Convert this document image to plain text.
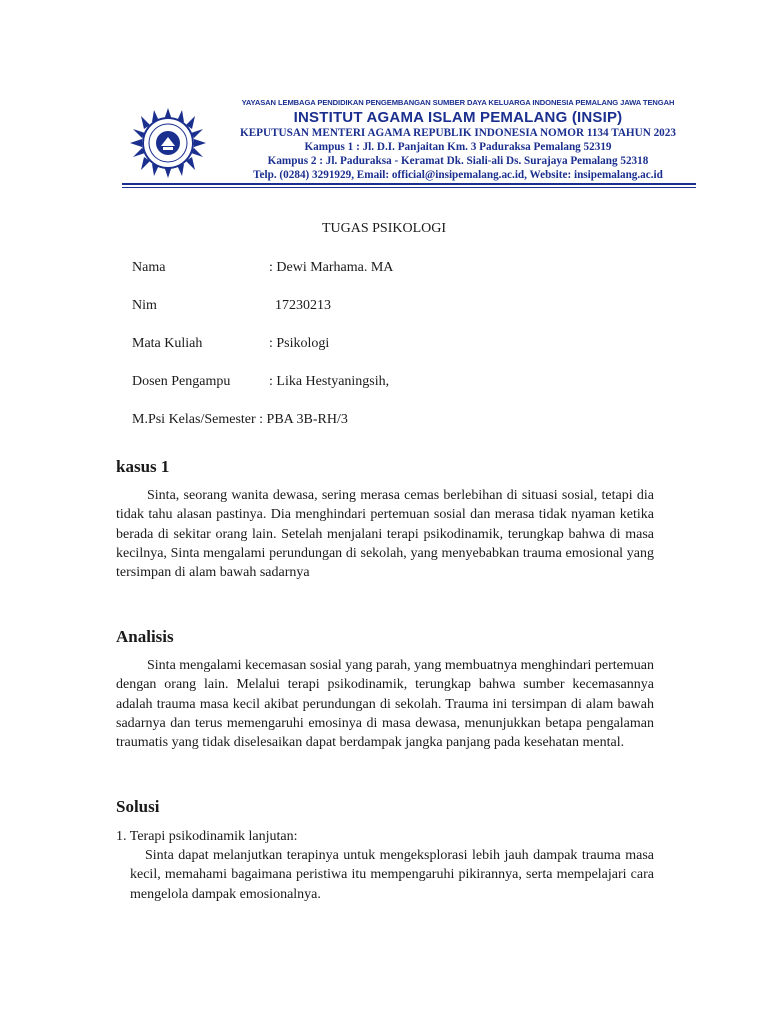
YAYASAN LEMBAGA PENDIDIKAN PENGEMBANGAN SUMBER DAYA KELUARGA INDONESIA PEMALANG JAWA TENGAH
INSTITUT AGAMA ISLAM PEMALANG (INSIP)
KEPUTUSAN MENTERI AGAMA REPUBLIK INDONESIA NOMOR 1134 TAHUN 2023
Kampus 1 : Jl. D.I. Panjaitan Km. 3 Paduraksa Pemalang 52319
Kampus 2 : Jl. Paduraksa - Keramat Dk. Siali-ali Ds. Surajaya Pemalang 52318
Telp. (0284) 3291929, Email: official@insipemalang.ac.id, Website: insipemalang.ac.id
TUGAS PSIKOLOGI
Nama	: Dewi Marhama. MA
Nim	17230213
Mata Kuliah	: Psikologi
Dosen Pengampu	: Lika Hestyaningsih,
M.Psi Kelas/Semester : PBA 3B-RH/3
kasus 1
Sinta, seorang wanita dewasa, sering merasa cemas berlebihan di situasi sosial, tetapi dia tidak tahu alasan pastinya. Dia menghindari pertemuan sosial dan merasa tidak nyaman ketika berada di sekitar orang lain. Setelah menjalani terapi psikodinamik, terungkap bahwa di masa kecilnya, Sinta mengalami perundungan di sekolah, yang menyebabkan trauma emosional yang tersimpan di alam bawah sadarnya
Analisis
Sinta mengalami kecemasan sosial yang parah, yang membuatnya menghindari pertemuan dengan orang lain. Melalui terapi psikodinamik, terungkap bahwa sumber kecemasannya adalah trauma masa kecil akibat perundungan di sekolah. Trauma ini tersimpan di alam bawah sadarnya dan terus memengaruhi emosinya di masa dewasa, menunjukkan betapa pengalaman traumatis yang tidak diselesaikan dapat berdampak jangka panjang pada kesehatan mental.
Solusi
1. Terapi psikodinamik lanjutan:
Sinta dapat melanjutkan terapinya untuk mengeksplorasi lebih jauh dampak trauma masa kecil, memahami bagaimana peristiwa itu mempengaruhi pikirannya, serta mempelajari cara mengelola dampak emosionalnya.
